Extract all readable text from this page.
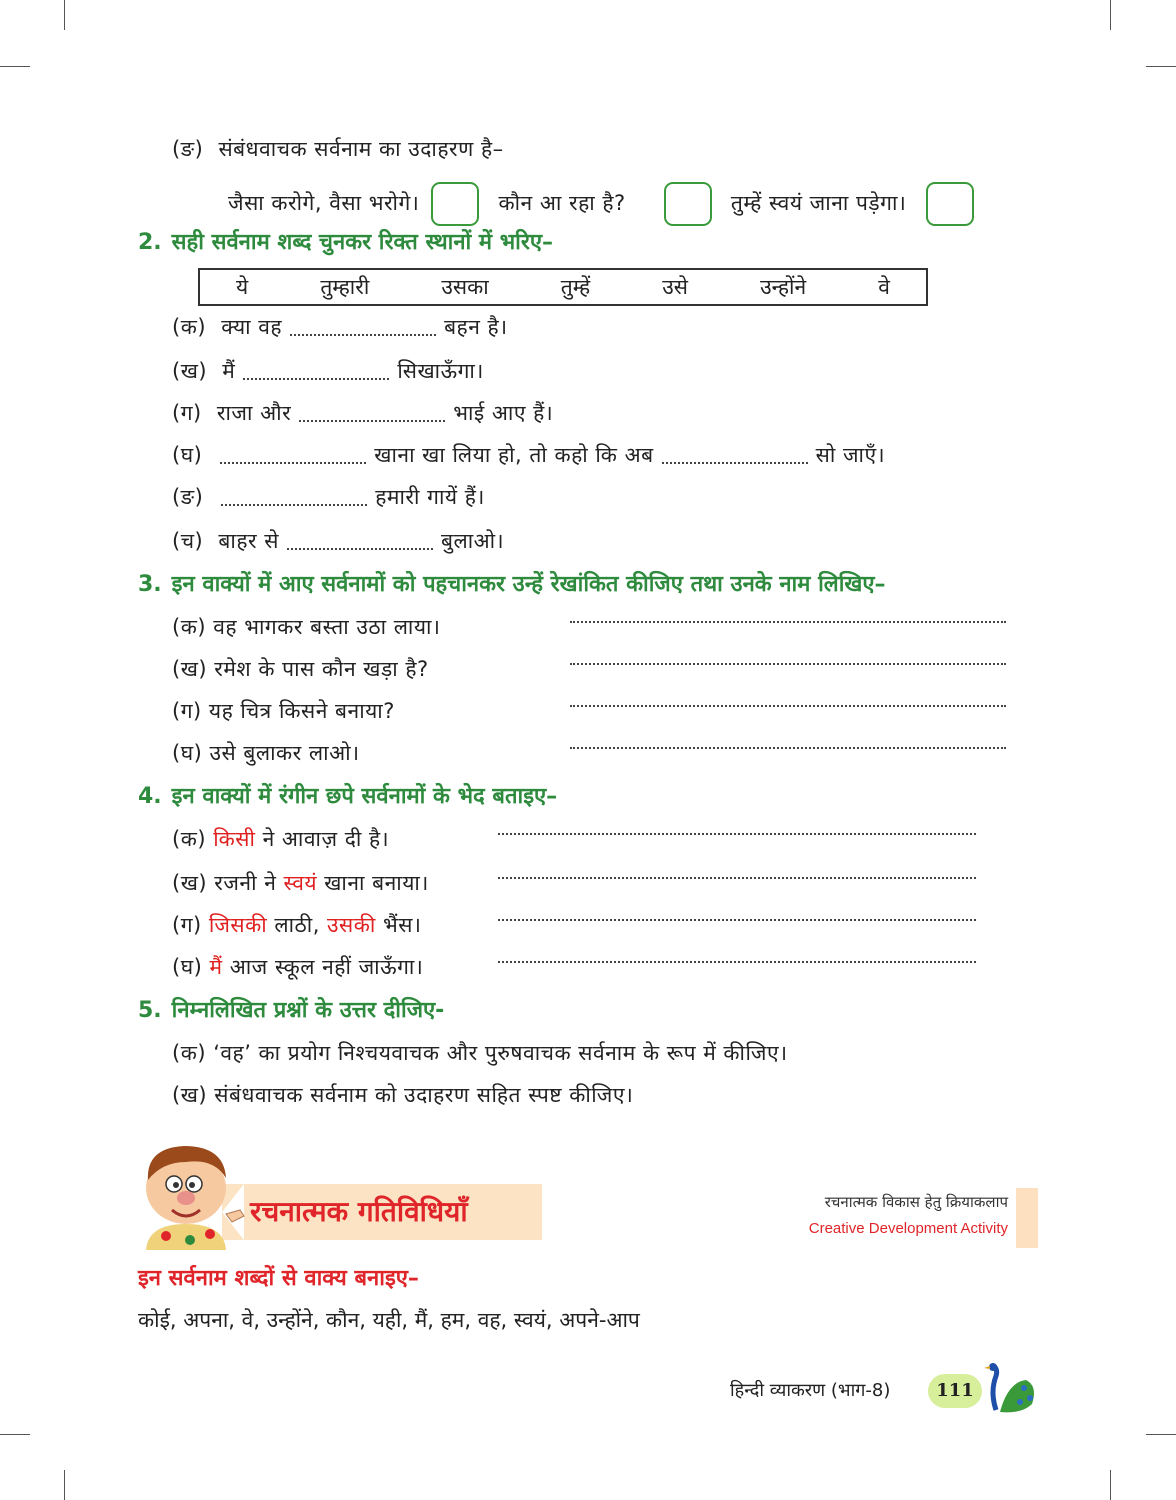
(ङ) संबंधवाचक सर्वनाम का उदाहरण है–
जैसा करोगे, वैसा भरोगे।	कौन आ रहा है?	तुम्हें स्वयं जाना पड़ेगा।
2. सही सर्वनाम शब्द चुनकर रिक्त स्थानों में भरिए–
ये	तुम्हारी	उसका	तुम्हें	उसे	उन्होंने	वे
(क) क्या वह	बहन है।
(ख) मैं	सिखाऊँगा।
(ग) राजा और	भाई आए हैं।
(घ)	खाना खा लिया हो, तो कहो कि अब	सो जाएँ।
(ङ)	हमारी गायें हैं।
(च) बाहर से	बुलाओ।
3. इन वाक्यों में आए सर्वनामों को पहचानकर उन्हें रेखांकित कीजिए तथा उनके नाम लिखिए–
(क) वह भागकर बस्ता उठा लाया।
(ख) रमेश के पास कौन खड़ा है?
(ग) यह चित्र किसने बनाया?
(घ) उसे बुलाकर लाओ।
4. इन वाक्यों में रंगीन छपे सर्वनामों के भेद बताइए–
(क) किसी ने आवाज़ दी है।
(ख) रजनी ने स्वयं खाना बनाया।
(ग) जिसकी लाठी, उसकी भैंस।
(घ) मैं आज स्कूल नहीं जाऊँगा।
5. निम्नलिखित प्रश्नों के उत्तर दीजिए-
(क) ‘वह’ का प्रयोग निश्चयवाचक और पुरुषवाचक सर्वनाम के रूप में कीजिए।
(ख) संबंधवाचक सर्वनाम को उदाहरण सहित स्पष्ट कीजिए।
रचनात्मक गतिविधियाँ	रचनात्मक विकास हेतु क्रियाकलाप
Creative Development Activity
इन सर्वनाम शब्दों से वाक्य बनाइए–
कोई, अपना, वे, उन्होंने, कौन, यही, मैं, हम, वह, स्वयं, अपने-आप
हिन्दी व्याकरण (भाग-8)	111
